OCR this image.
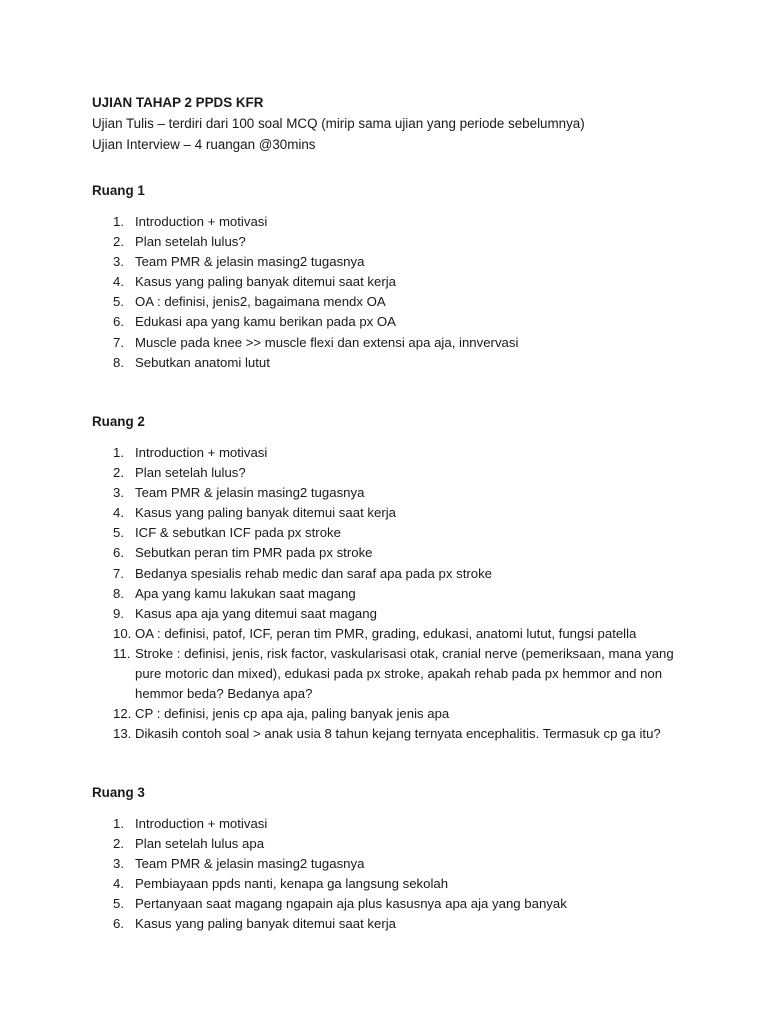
UJIAN TAHAP 2 PPDS KFR
Ujian Tulis – terdiri dari 100 soal MCQ (mirip sama ujian yang periode sebelumnya)
Ujian Interview – 4 ruangan @30mins
Ruang 1
1. Introduction + motivasi
2. Plan setelah lulus?
3. Team PMR & jelasin masing2 tugasnya
4. Kasus yang paling banyak ditemui saat kerja
5. OA : definisi, jenis2, bagaimana mendx OA
6. Edukasi apa yang kamu berikan pada px OA
7. Muscle pada knee >> muscle flexi dan extensi apa aja, innvervasi
8. Sebutkan anatomi lutut
Ruang 2
1. Introduction + motivasi
2. Plan setelah lulus?
3. Team PMR & jelasin masing2 tugasnya
4. Kasus yang paling banyak ditemui saat kerja
5. ICF & sebutkan ICF pada px stroke
6. Sebutkan peran tim PMR pada px stroke
7. Bedanya spesialis rehab medic dan saraf apa pada px stroke
8. Apa yang kamu lakukan saat magang
9. Kasus apa aja yang ditemui saat magang
10. OA : definisi, patof, ICF, peran tim PMR, grading, edukasi, anatomi lutut, fungsi patella
11. Stroke : definisi, jenis, risk factor, vaskularisasi otak, cranial nerve (pemeriksaan, mana yang pure motoric dan mixed), edukasi pada px stroke, apakah rehab pada px hemmor and non hemmor beda? Bedanya apa?
12. CP : definisi, jenis cp apa aja, paling banyak jenis apa
13. Dikasih contoh soal > anak usia 8 tahun kejang ternyata encephalitis. Termasuk cp ga itu?
Ruang 3
1. Introduction + motivasi
2. Plan setelah lulus apa
3. Team PMR & jelasin masing2 tugasnya
4. Pembiayaan ppds nanti, kenapa ga langsung sekolah
5. Pertanyaan saat magang ngapain aja plus kasusnya apa aja yang banyak
6. Kasus yang paling banyak ditemui saat kerja
